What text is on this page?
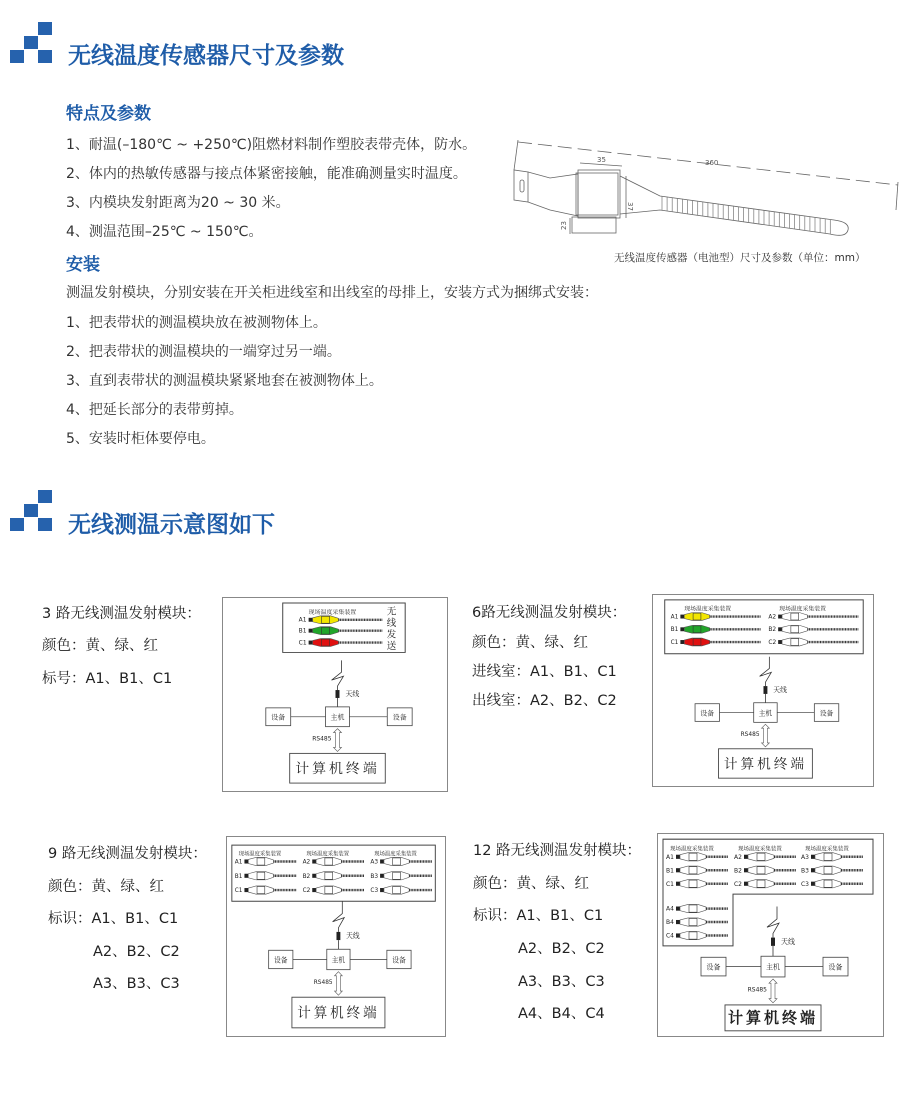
无线温度传感器尺寸及参数
特点及参数
1、耐温(–180℃ ~ +250℃)阻燃材料制作塑胶表带壳体，防水。
2、体内的热敏传感器与接点体紧密接触，能准确测量实时温度。
3、内模块发射距离为20 ~ 30 米。
4、测温范围–25℃ ~ 150℃。
安装
测温发射模块，分别安装在开关柜进线室和出线室的母排上，安装方式为捆绑式安装：
1、把表带状的测温模块放在被测物体上。
2、把表带状的测温模块的一端穿过另一端。
3、直到表带状的测温模块紧紧地套在被测物体上。
4、把延长部分的表带剪掉。
5、安装时柜体要停电。
35	360
37
23
无线温度传感器（电池型）尺寸及参数（单位：mm）
无线测温示意图如下
3 路无线测温发射模块：
颜色：黄、绿、红
标号：A1、B1、C1
现场温度采集装置
A1
B1
C1
天线
主机
设备	设备
RS485
计算机终端
无线发送	6路无线测温发射模块：
颜色：黄、绿、红
进线室：A1、B1、C1
出线室：A2、B2、C2
现场温度采集装置	现场温度采集装置
A1
B1
C1
A2
B2
C2
天线
主机
设备	设备
RS485
计算机终端
9 路无线测温发射模块：
颜色：黄、绿、红
标识：A1、B1、C1
A2、B2、C2
A3、B3、C3
现场温度采集装置	现场温度采集装置	现场温度采集装置
A1
B1
C1
A2
B2
C2
A3
B3
C3
天线
主机
设备	设备
RS485
计算机终端
12 路无线测温发射模块：
颜色：黄、绿、红
标识：A1、B1、C1
A2、B2、C2
A3、B3、C3
A4、B4、C4
现场温度采集装置	现场温度采集装置	现场温度采集装置
A1
B1
C1
A4
B4
C4
A2
B2
C2
A3
B3
C3
天线
主机
设备	设备
RS485
计算机终端
